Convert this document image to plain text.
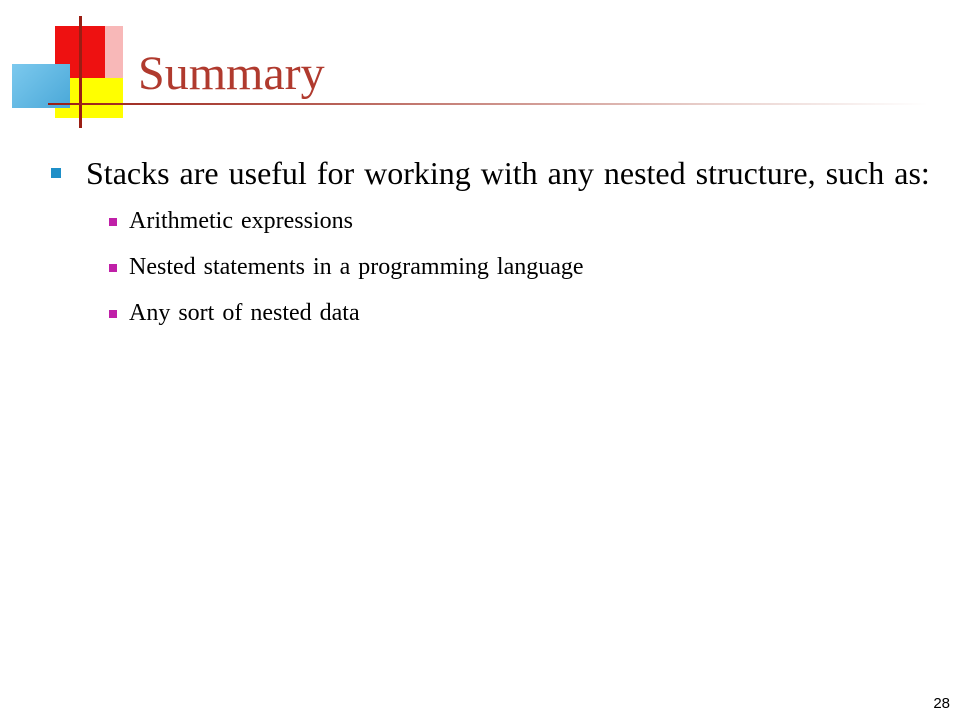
Summary
Stacks are useful for working with any nested structure, such as:
Arithmetic expressions
Nested statements in a programming language
Any sort of nested data
28
